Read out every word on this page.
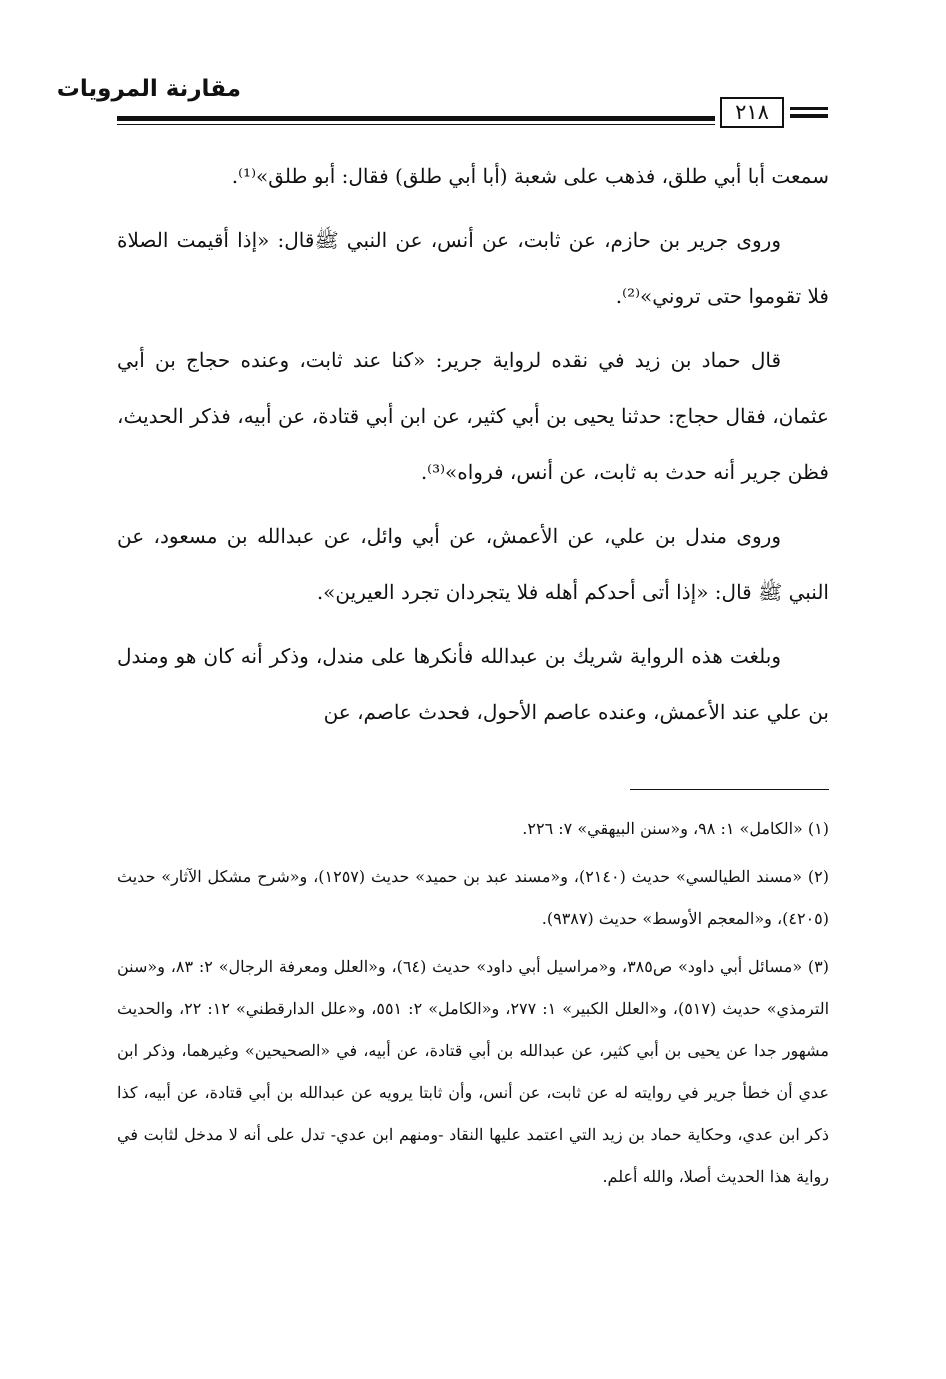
مقارنة المرويات
٢١٨

سمعت أبا أبي طلق، فذهب على شعبة (أبا أبي طلق) فقال: أبو طلق»⁽¹⁾.

وروى جرير بن حازم، عن ثابت، عن أنس، عن النبي ﷺقال: «إذا أقيمت الصلاة فلا تقوموا حتى تروني»⁽²⁾.

قال حماد بن زيد في نقده لرواية جرير: «كنا عند ثابت، وعنده حجاج بن أبي عثمان، فقال حجاج: حدثنا يحيى بن أبي كثير، عن ابن أبي قتادة، عن أبيه، فذكر الحديث، فظن جرير أنه حدث به ثابت، عن أنس، فرواه»⁽³⁾.

وروى مندل بن علي، عن الأعمش، عن أبي وائل، عن عبدالله بن مسعود، عن النبي ﷺ قال: «إذا أتى أحدكم أهله فلا يتجردان تجرد العيرين».

وبلغت هذه الرواية شريك بن عبدالله فأنكرها على مندل، وذكر أنه كان هو ومندل بن علي عند الأعمش، وعنده عاصم الأحول، فحدث عاصم، عن

(١) «الكامل» ١: ٩٨، و«سنن البيهقي» ٧: ٢٢٦.

(٢) «مسند الطيالسي» حديث (٢١٤٠)، و«مسند عبد بن حميد» حديث (١٢٥٧)، و«شرح مشكل الآثار» حديث (٤٢٠٥)، و«المعجم الأوسط» حديث (٩٣٨٧).

(٣) «مسائل أبي داود» ص٣٨٥، و«مراسيل أبي داود» حديث (٦٤)، و«العلل ومعرفة الرجال» ٢: ٨٣، و«سنن الترمذي» حديث (٥١٧)، و«العلل الكبير» ١: ٢٧٧، و«الكامل» ٢: ٥٥١، و«علل الدارقطني» ١٢: ٢٢، والحديث مشهور جدا عن يحيى بن أبي كثير، عن عبدالله بن أبي قتادة، عن أبيه، في «الصحيحين» وغيرهما، وذكر ابن عدي أن خطأ جرير في روايته له عن ثابت، عن أنس، وأن ثابتا يرويه عن عبدالله بن أبي قتادة، عن أبيه، كذا ذكر ابن عدي، وحكاية حماد بن زيد التي اعتمد عليها النقاد -ومنهم ابن عدي- تدل على أنه لا مدخل لثابت في رواية هذا الحديث أصلا، والله أعلم.
